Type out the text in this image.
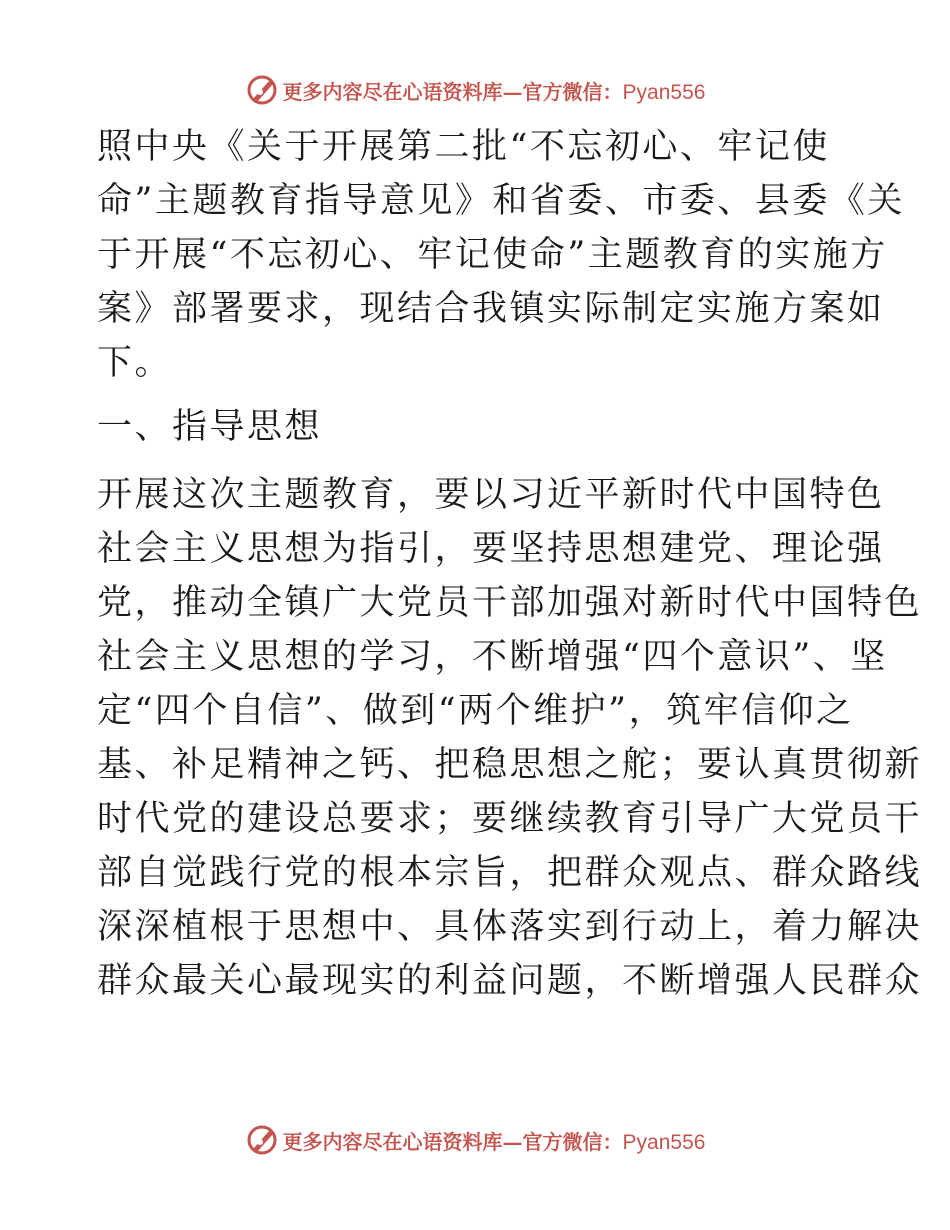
更多内容尽在心语资料库—官方微信：Pyan556
照中央《关于开展第二批“不忘初心、牢记使
命”主题教育指导意见》和省委、市委、县委《关
于开展“不忘初心、牢记使命”主题教育的实施方
案》部署要求，现结合我镇实际制定实施方案如
下。
一、指导思想
开展这次主题教育，要以习近平新时代中国特色
社会主义思想为指引，要坚持思想建党、理论强
党，推动全镇广大党员干部加强对新时代中国特色
社会主义思想的学习，不断增强“四个意识”、坚
定“四个自信”、做到“两个维护”，筑牢信仰之
基、补足精神之钙、把稳思想之舵；要认真贯彻新
时代党的建设总要求；要继续教育引导广大党员干
部自觉践行党的根本宗旨，把群众观点、群众路线
深深植根于思想中、具体落实到行动上，着力解决
群众最关心最现实的利益问题，不断增强人民群众
更多内容尽在心语资料库—官方微信：Pyan556
